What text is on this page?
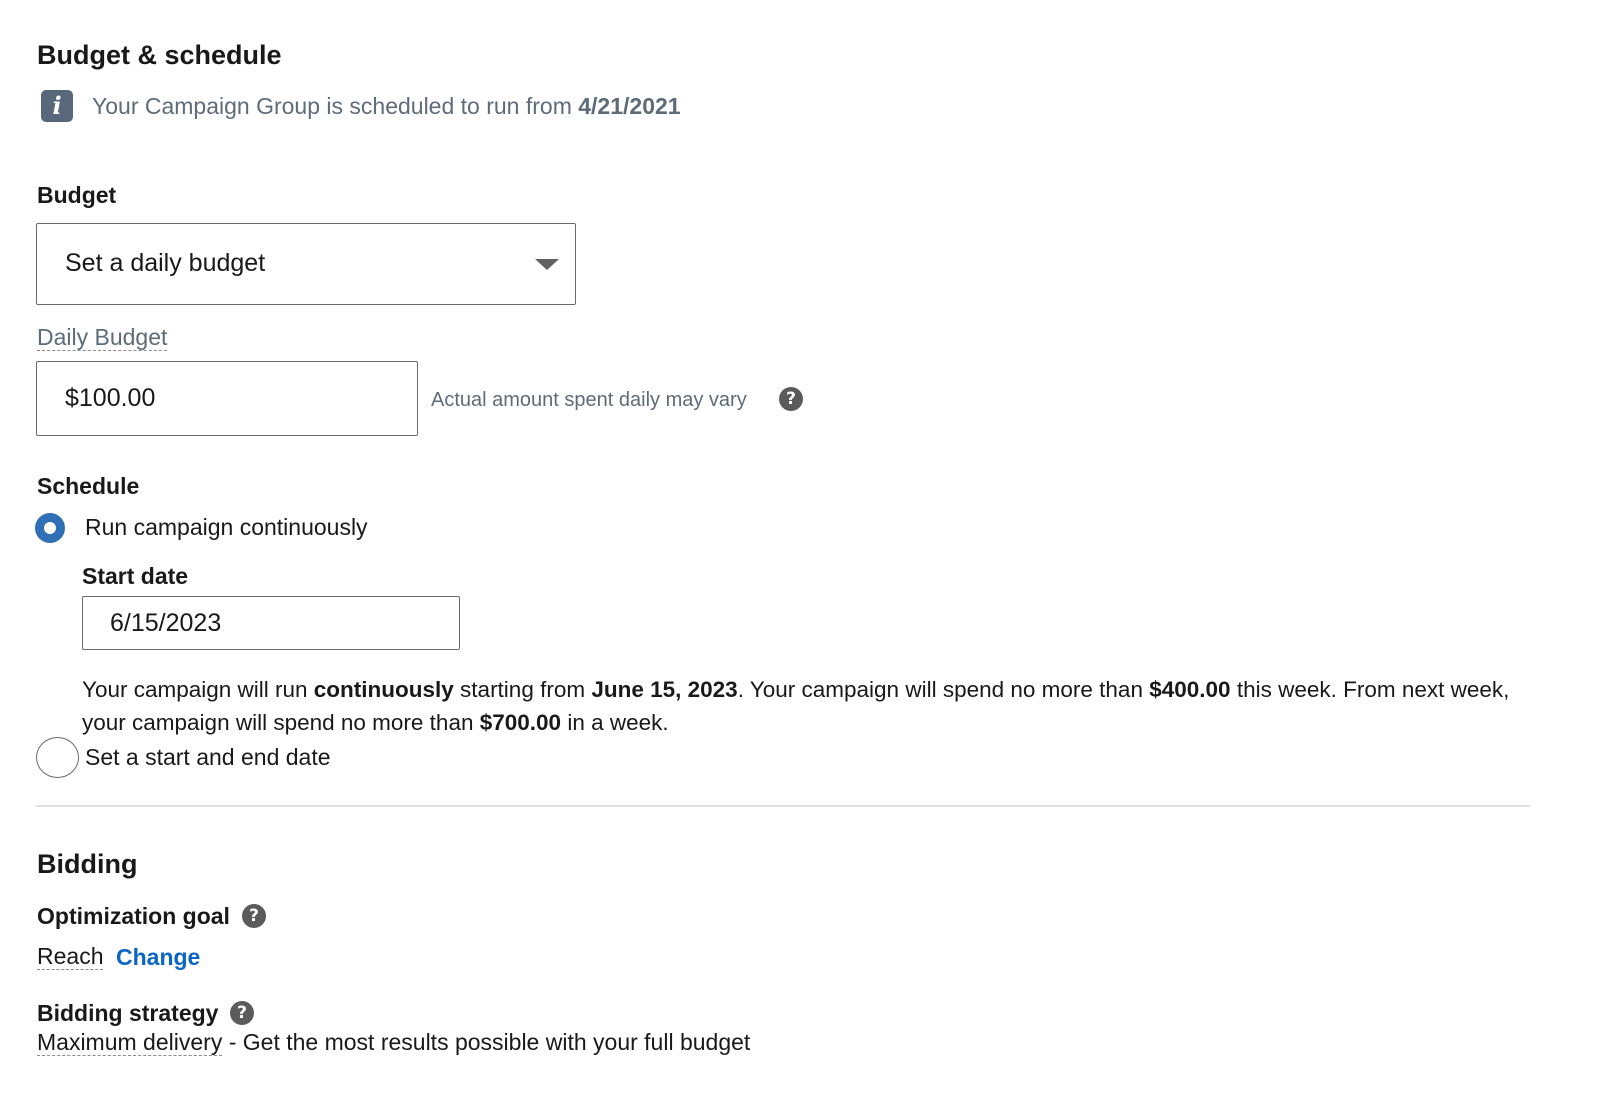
Budget & schedule
i	Your Campaign Group is scheduled to run from 4/21/2021
Budget
Set a daily budget
Daily Budget
$100.00	Actual amount spent daily may vary	?
Schedule
Run campaign continuously
Start date
6/15/2023
Your campaign will run continuously starting from June 15, 2023. Your campaign will spend no more than $400.00 this week. From next week, your campaign will spend no more than $700.00 in a week.
Set a start and end date
Bidding
Optimization goal	?
Reach Change
Bidding strategy	?
Maximum delivery - Get the most results possible with your full budget
